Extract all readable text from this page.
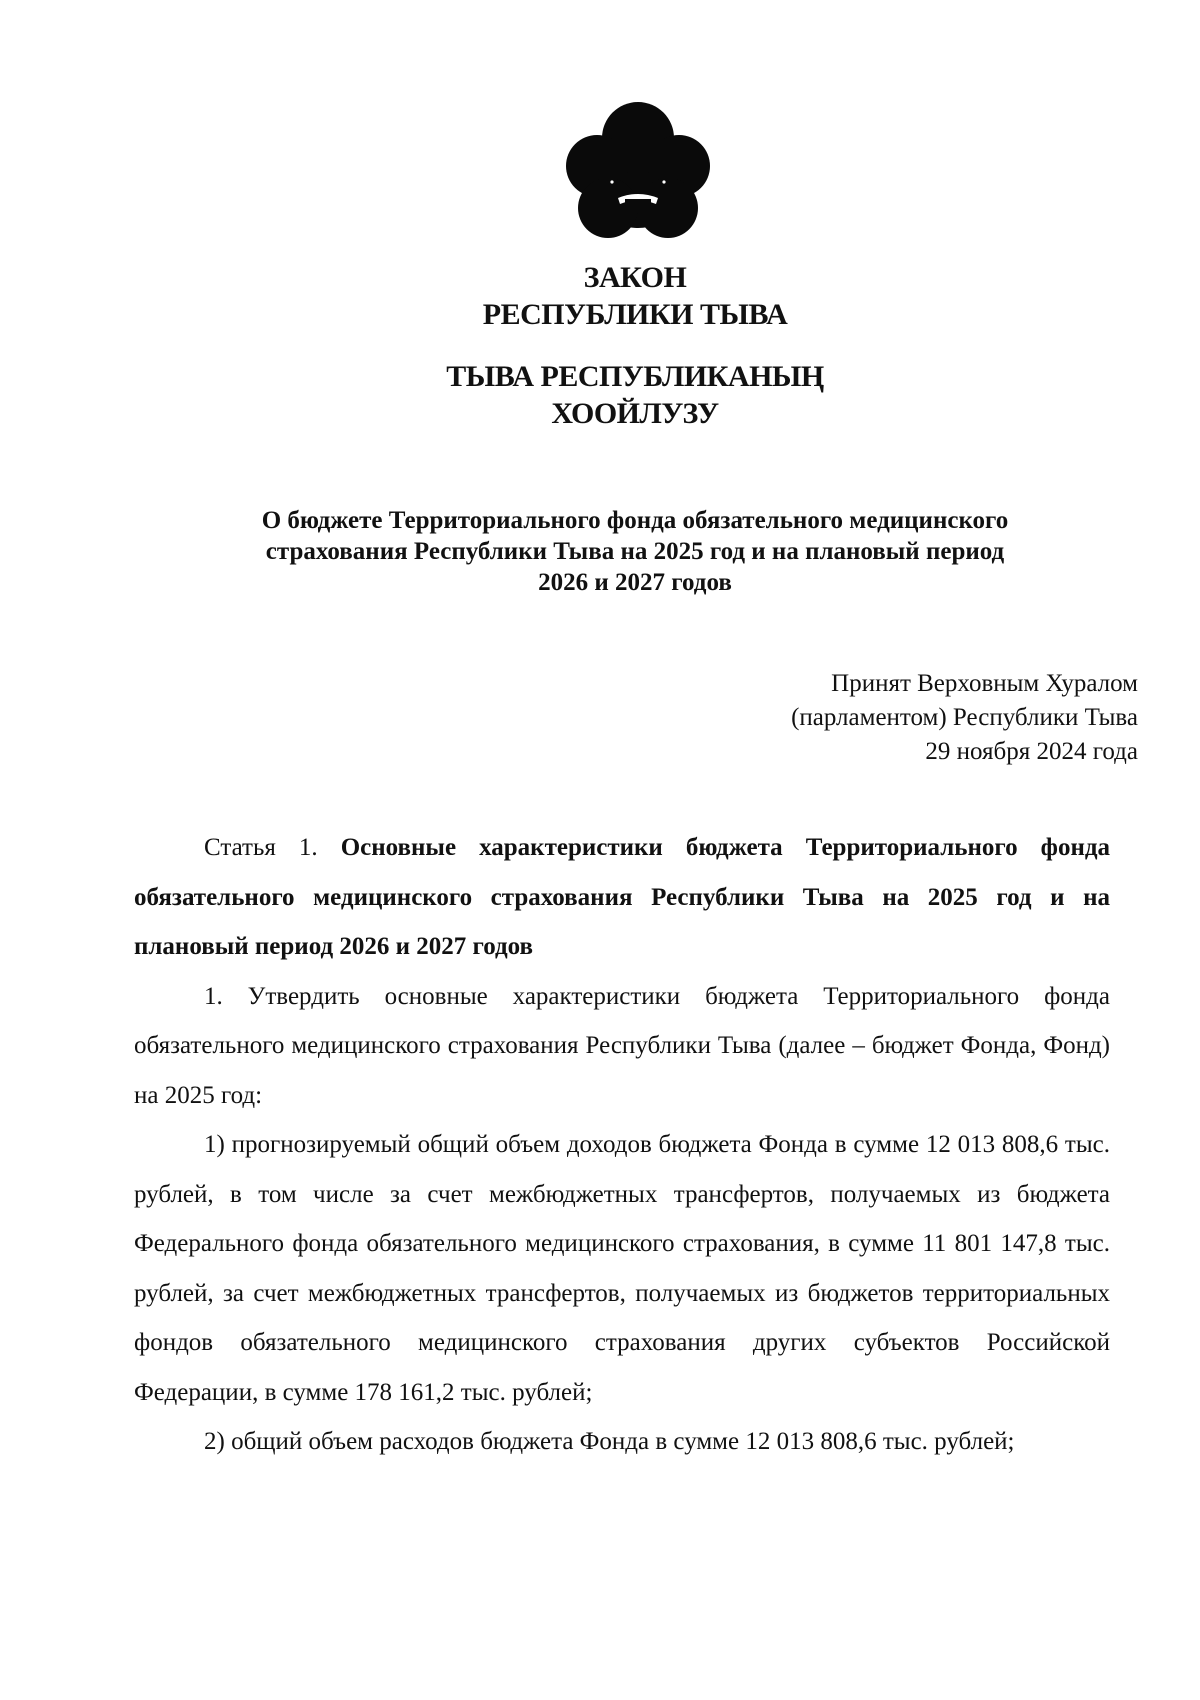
ЗАКОН
РЕСПУБЛИКИ ТЫВА
ТЫВА РЕСПУБЛИКАНЫҢ
ХООЙЛУЗУ
О бюджете Территориального фонда обязательного медицинского
страхования Республики Тыва на 2025 год и на плановый период
2026 и 2027 годов
Принят Верховным Хуралом
(парламентом) Республики Тыва
29 ноября 2024 года

Статья 1. Основные характеристики бюджета Территориального фонда обязательного медицинского страхования Республики Тыва на 2025 год и на плановый период 2026 и 2027 годов

1. Утвердить основные характеристики бюджета Территориального фонда обязательного медицинского страхования Республики Тыва (далее – бюджет Фонда, Фонд) на 2025 год:

1) прогнозируемый общий объем доходов бюджета Фонда в сумме 12 013 808,6 тыс. рублей, в том числе за счет межбюджетных трансфертов, получаемых из бюджета Федерального фонда обязательного медицинского страхования, в сумме 11 801 147,8 тыс. рублей, за счет межбюджетных трансфертов, получаемых из бюджетов территориальных фондов обязательного медицинского страхования других субъектов Российской Федерации, в сумме 178 161,2 тыс. рублей;

2) общий объем расходов бюджета Фонда в сумме 12 013 808,6 тыс. рублей;
